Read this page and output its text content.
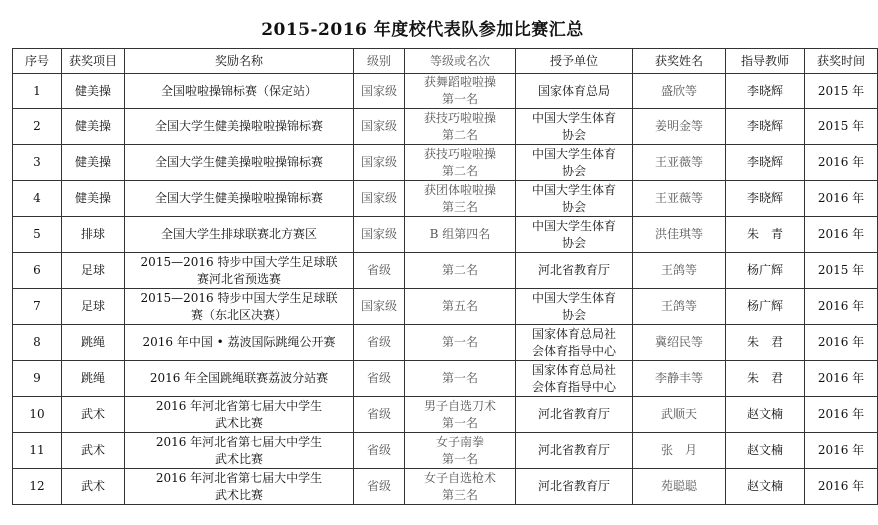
2015-2016 年度校代表队参加比赛汇总
序号	获奖项目	奖励名称	级别	等级或名次	授予单位	获奖姓名	指导教师	获奖时间
1	健美操	全国啦啦操锦标赛（保定站）	国家级	获舞蹈啦啦操
第一名	国家体育总局	盛欣等	李晓辉	2015 年
2	健美操	全国大学生健美操啦啦操锦标赛	国家级	获技巧啦啦操
第二名	中国大学生体育
协会	姜明金等	李晓辉	2015 年
3	健美操	全国大学生健美操啦啦操锦标赛	国家级	获技巧啦啦操
第二名	中国大学生体育
协会	王亚薇等	李晓辉	2016 年
4	健美操	全国大学生健美操啦啦操锦标赛	国家级	获团体啦啦操
第三名	中国大学生体育
协会	王亚薇等	李晓辉	2016 年
5	排球	全国大学生排球联赛北方赛区	国家级	B 组第四名	中国大学生体育
协会	洪佳琪等	朱　青	2016 年
6	足球	2015—2016 特步中国大学生足球联
赛河北省预选赛	省级	第二名	河北省教育厅	王鸽等	杨广辉	2015 年
7	足球	2015—2016 特步中国大学生足球联
赛（东北区决赛）	国家级	第五名	中国大学生体育
协会	王鸽等	杨广辉	2016 年
8	跳绳	2016 年中国 • 荔波国际跳绳公开赛	省级	第一名	国家体育总局社
会体育指导中心	冀绍民等	朱　君	2016 年
9	跳绳	2016 年全国跳绳联赛荔波分站赛	省级	第一名	国家体育总局社
会体育指导中心	李静丰等	朱　君	2016 年
10	武术	2016 年河北省第七届大中学生
武术比赛	省级	男子自选刀术
第一名	河北省教育厅	武顺天	赵文楠	2016 年
11	武术	2016 年河北省第七届大中学生
武术比赛	省级	女子南拳
第一名	河北省教育厅	张　月	赵文楠	2016 年
12	武术	2016 年河北省第七届大中学生
武术比赛	省级	女子自选枪术
第三名	河北省教育厅	苑聪聪	赵文楠	2016 年
